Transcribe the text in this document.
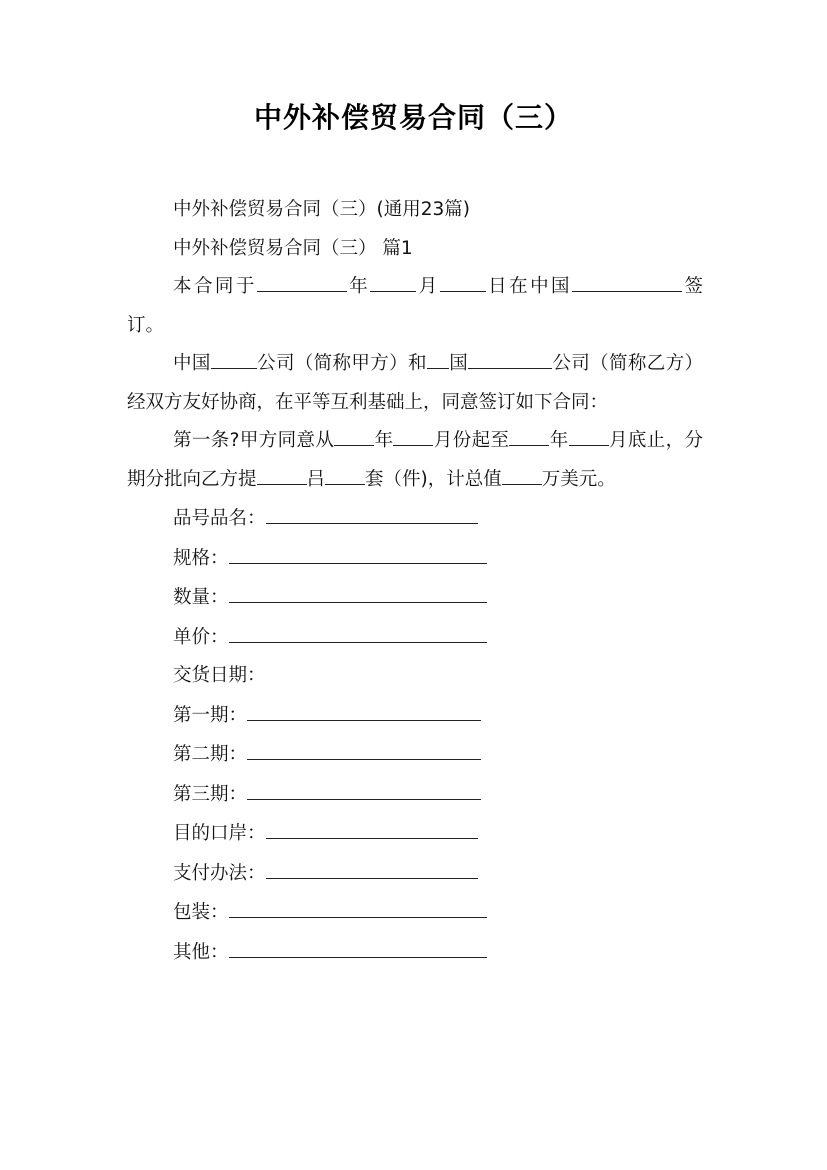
中外补偿贸易合同（三）

中外补偿贸易合同（三）(通用23篇)

中外补偿贸易合同（三） 篇1

本合同于	年 月 日在中国	签订。

中国 公司（简称甲方）和 国	公司（简称乙方）经双方友好协商，在平等互利基础上，同意签订如下合同：

第一条?甲方同意从 年 月份起至 年 月底止，分期分批向乙方提	吕 套（件)，计总值 万美元。

品号品名：

规格：

数量：

单价：

交货日期：

第一期：

第二期：

第三期：

目的口岸：

支付办法：

包装：

其他：
